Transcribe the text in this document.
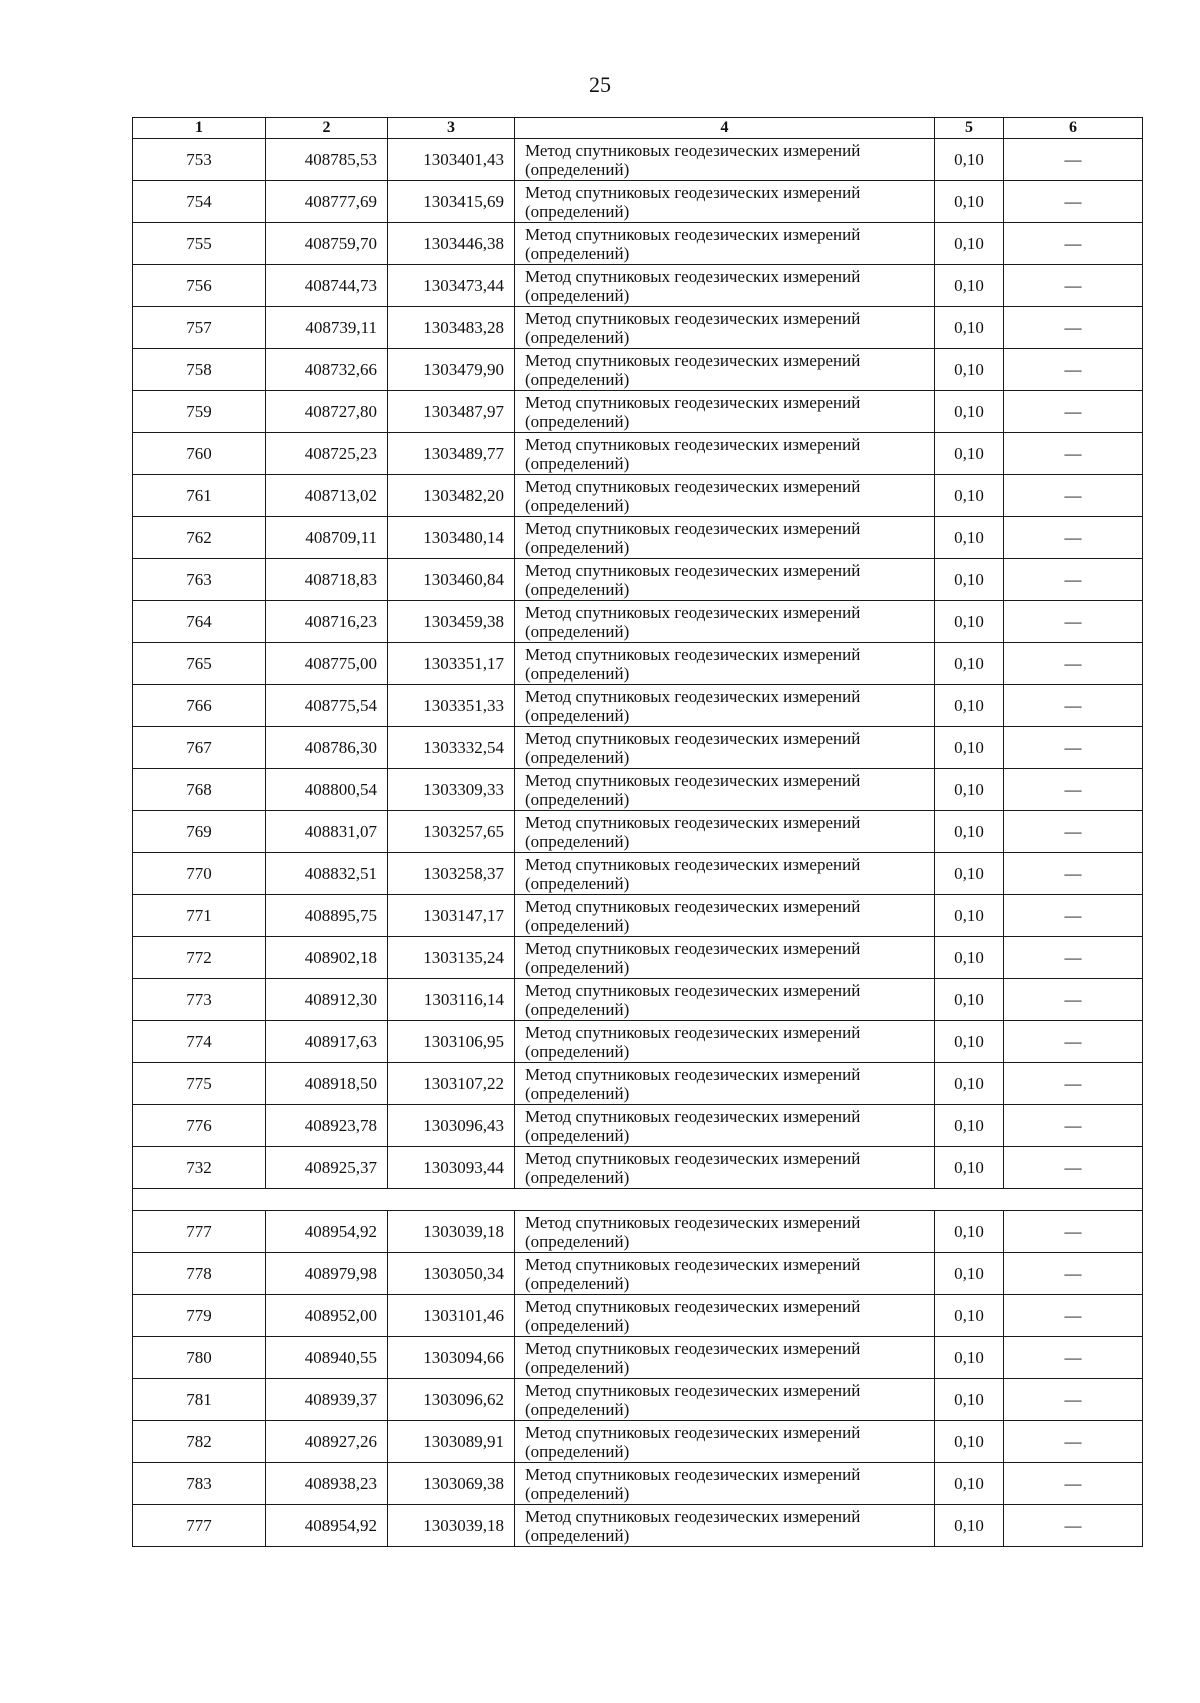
25
1	2	3	4	5	6
753	408785,53	1303401,43	Метод спутниковых геодезических измерений
(определений)	0,10	—
754	408777,69	1303415,69	Метод спутниковых геодезических измерений
(определений)	0,10	—
755	408759,70	1303446,38	Метод спутниковых геодезических измерений
(определений)	0,10	—
756	408744,73	1303473,44	Метод спутниковых геодезических измерений
(определений)	0,10	—
757	408739,11	1303483,28	Метод спутниковых геодезических измерений
(определений)	0,10	—
758	408732,66	1303479,90	Метод спутниковых геодезических измерений
(определений)	0,10	—
759	408727,80	1303487,97	Метод спутниковых геодезических измерений
(определений)	0,10	—
760	408725,23	1303489,77	Метод спутниковых геодезических измерений
(определений)	0,10	—
761	408713,02	1303482,20	Метод спутниковых геодезических измерений
(определений)	0,10	—
762	408709,11	1303480,14	Метод спутниковых геодезических измерений
(определений)	0,10	—
763	408718,83	1303460,84	Метод спутниковых геодезических измерений
(определений)	0,10	—
764	408716,23	1303459,38	Метод спутниковых геодезических измерений
(определений)	0,10	—
765	408775,00	1303351,17	Метод спутниковых геодезических измерений
(определений)	0,10	—
766	408775,54	1303351,33	Метод спутниковых геодезических измерений
(определений)	0,10	—
767	408786,30	1303332,54	Метод спутниковых геодезических измерений
(определений)	0,10	—
768	408800,54	1303309,33	Метод спутниковых геодезических измерений
(определений)	0,10	—
769	408831,07	1303257,65	Метод спутниковых геодезических измерений
(определений)	0,10	—
770	408832,51	1303258,37	Метод спутниковых геодезических измерений
(определений)	0,10	—
771	408895,75	1303147,17	Метод спутниковых геодезических измерений
(определений)	0,10	—
772	408902,18	1303135,24	Метод спутниковых геодезических измерений
(определений)	0,10	—
773	408912,30	1303116,14	Метод спутниковых геодезических измерений
(определений)	0,10	—
774	408917,63	1303106,95	Метод спутниковых геодезических измерений
(определений)	0,10	—
775	408918,50	1303107,22	Метод спутниковых геодезических измерений
(определений)	0,10	—
776	408923,78	1303096,43	Метод спутниковых геодезических измерений
(определений)	0,10	—
732	408925,37	1303093,44	Метод спутниковых геодезических измерений
(определений)	0,10	—

777	408954,92	1303039,18	Метод спутниковых геодезических измерений
(определений)	0,10	—
778	408979,98	1303050,34	Метод спутниковых геодезических измерений
(определений)	0,10	—
779	408952,00	1303101,46	Метод спутниковых геодезических измерений
(определений)	0,10	—
780	408940,55	1303094,66	Метод спутниковых геодезических измерений
(определений)	0,10	—
781	408939,37	1303096,62	Метод спутниковых геодезических измерений
(определений)	0,10	—
782	408927,26	1303089,91	Метод спутниковых геодезических измерений
(определений)	0,10	—
783	408938,23	1303069,38	Метод спутниковых геодезических измерений
(определений)	0,10	—
777	408954,92	1303039,18	Метод спутниковых геодезических измерений
(определений)	0,10	—
